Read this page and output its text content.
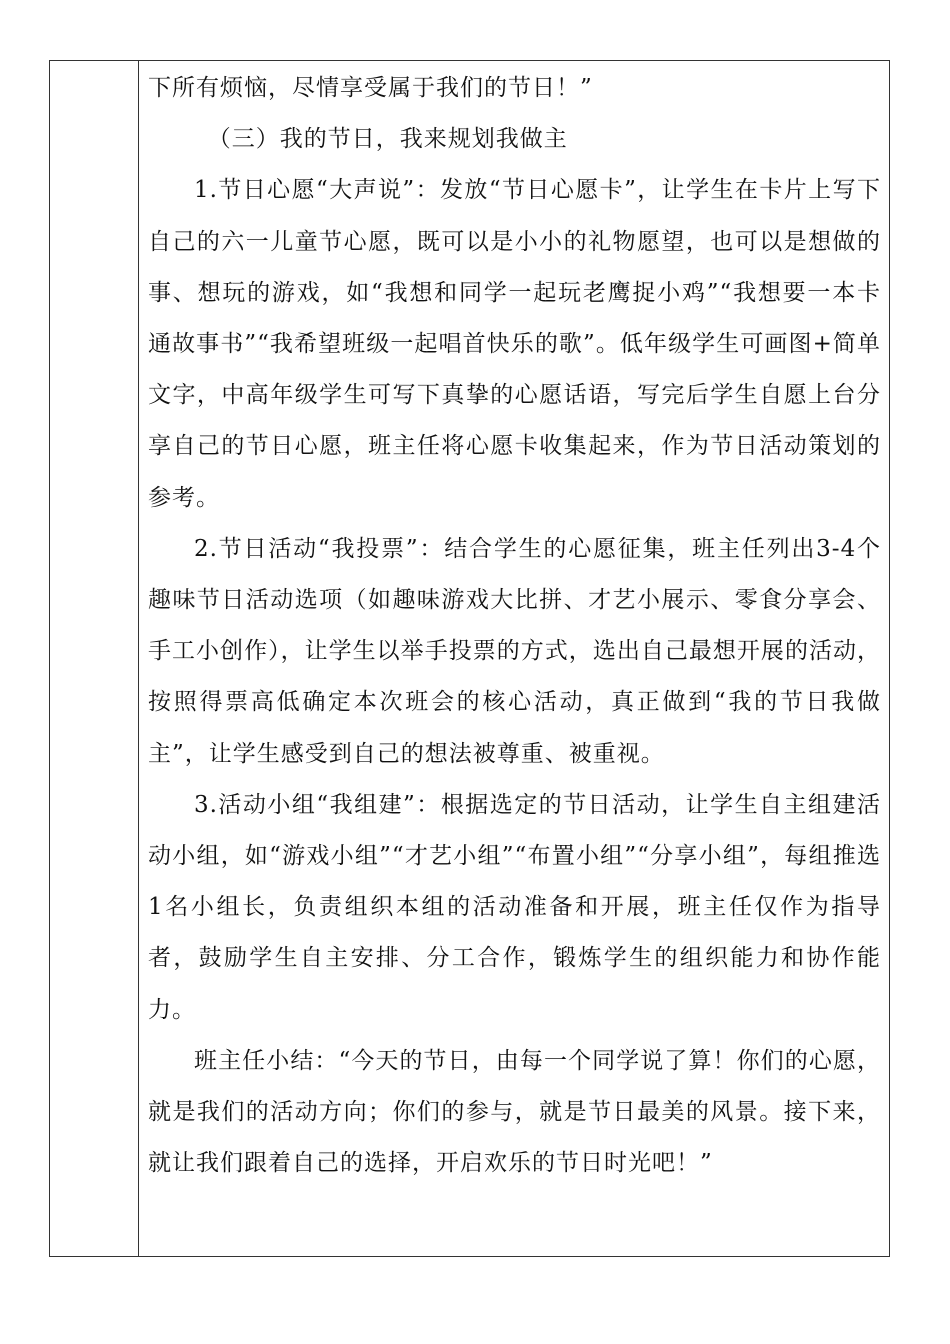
下所有烦恼，尽情享受属于我们的节日！”

（三）我的节日，我来规划我做主

1.节日心愿“大声说”：发放“节日心愿卡”，让学生在卡片上写下自己的六一儿童节心愿，既可以是小小的礼物愿望，也可以是想做的事、想玩的游戏，如“我想和同学一起玩老鹰捉小鸡”“我想要一本卡通故事书”“我希望班级一起唱首快乐的歌”。低年级学生可画图+简单文字，中高年级学生可写下真挚的心愿话语，写完后学生自愿上台分享自己的节日心愿，班主任将心愿卡收集起来，作为节日活动策划的参考。

2.节日活动“我投票”：结合学生的心愿征集，班主任列出3-4个趣味节日活动选项（如趣味游戏大比拼、才艺小展示、零食分享会、手工小创作），让学生以举手投票的方式，选出自己最想开展的活动，按照得票高低确定本次班会的核心活动，真正做到“我的节日我做主”，让学生感受到自己的想法被尊重、被重视。

3.活动小组“我组建”：根据选定的节日活动，让学生自主组建活动小组，如“游戏小组”“才艺小组”“布置小组”“分享小组”，每组推选1名小组长，负责组织本组的活动准备和开展，班主任仅作为指导者，鼓励学生自主安排、分工合作，锻炼学生的组织能力和协作能力。

班主任小结：“今天的节日，由每一个同学说了算！你们的心愿，就是我们的活动方向；你们的参与，就是节日最美的风景。接下来，就让我们跟着自己的选择，开启欢乐的节日时光吧！”
